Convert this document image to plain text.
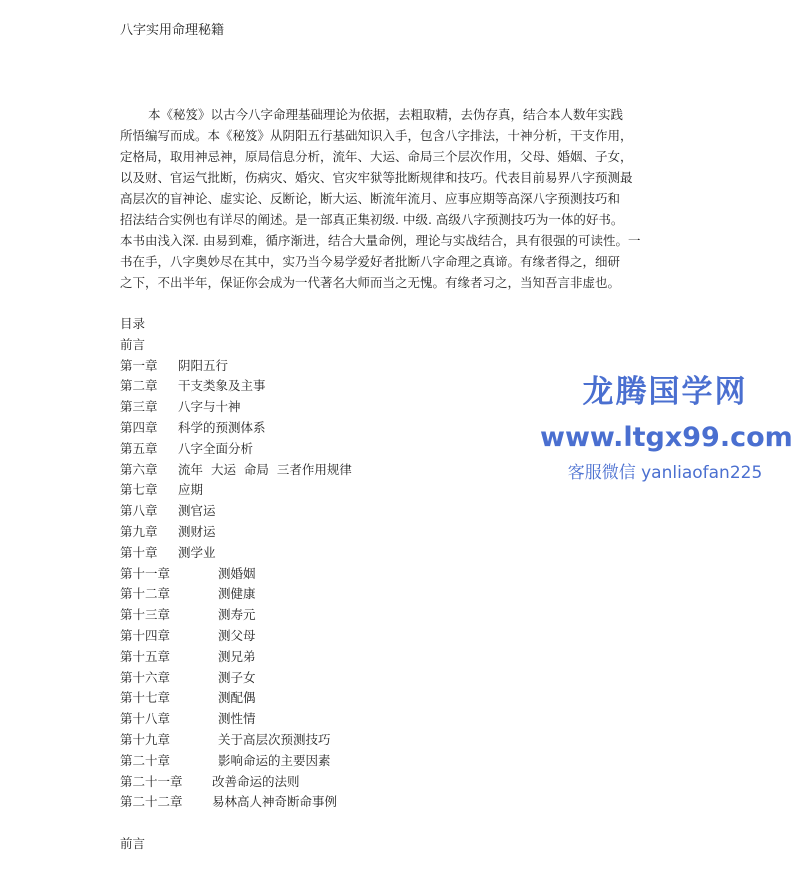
八字实用命理秘籍
本《秘笈》以古今八字命理基础理论为依据，去粗取精，去伪存真，结合本人数年实践
所悟编写而成。本《秘笈》从阴阳五行基础知识入手，包含八字排法，十神分析，干支作用，
定格局，取用神忌神，原局信息分析，流年、大运、命局三个层次作用，父母、婚姻、子女，
以及财、官运气批断，伤病灾、婚灾、官灾牢狱等批断规律和技巧。代表目前易界八字预测最
高层次的盲神论、虚实论、反断论，断大运、断流年流月、应事应期等高深八字预测技巧和
招法结合实例也有详尽的阐述。是一部真正集初级. 中级. 高级八字预测技巧为一体的好书。
本书由浅入深. 由易到难，循序渐进，结合大量命例，理论与实战结合，具有很强的可读性。一
书在手，八字奥妙尽在其中，实乃当今易学爱好者批断八字命理之真谛。有缘者得之，细研
之下，不出半年，保证你会成为一代著名大师而当之无愧。有缘者习之，当知吾言非虚也。
目录
前言
第一章 阴阳五行
第二章 干支类象及主事
第三章 八字与十神
第四章 科学的预测体系
第五章 八字全面分析
第六章 流年  大运  命局  三者作用规律
第七章 应期
第八章 测官运
第九章 测财运
第十章 测学业
第十一章	测婚姻
第十二章	测健康
第十三章	测寿元
第十四章	测父母
第十五章	测兄弟
第十六章	测子女
第十七章	测配偶
第十八章	测性情
第十九章	关于高层次预测技巧
第二十章	影响命运的主要因素
第二十一章 改善命运的法则
第二十二章 易林高人神奇断命事例
前言
龙腾国学网
www.ltgx99.com
客服微信 yanliaofan225
